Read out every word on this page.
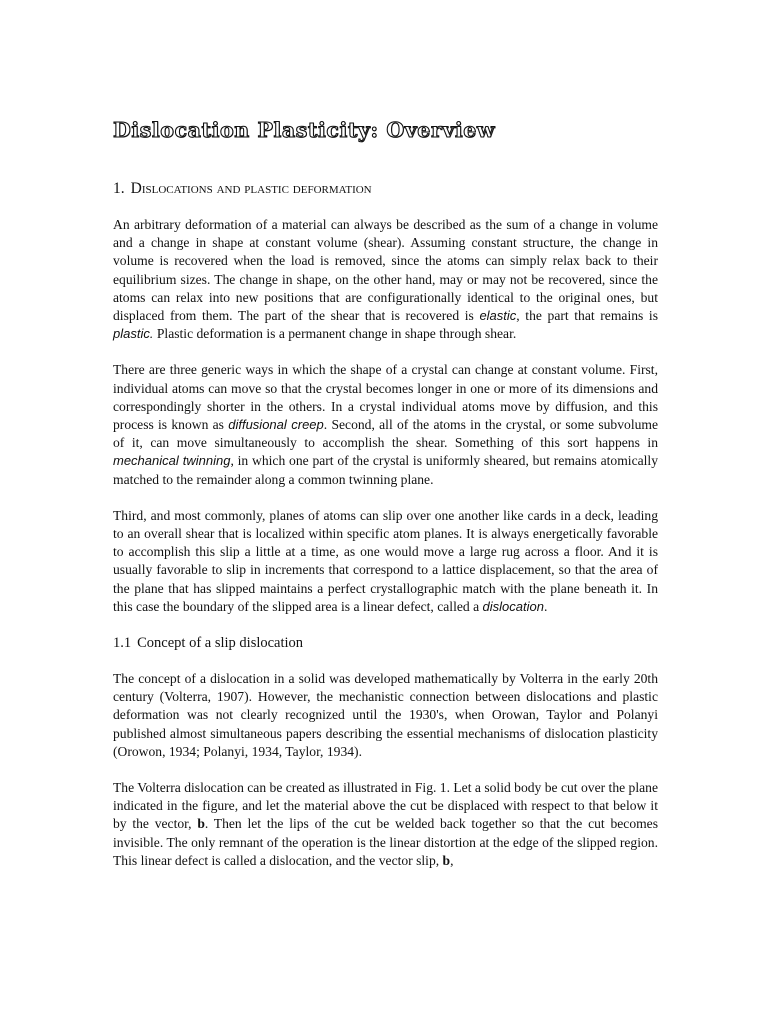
Dislocation Plasticity: Overview
1. Dislocations and plastic deformation

An arbitrary deformation of a material can always be described as the sum of a change in volume and a change in shape at constant volume (shear). Assuming constant structure, the change in volume is recovered when the load is removed, since the atoms can simply relax back to their equilibrium sizes. The change in shape, on the other hand, may or may not be recovered, since the atoms can relax into new positions that are configurationally identical to the original ones, but displaced from them. The part of the shear that is recovered is elastic, the part that remains is plastic. Plastic deformation is a permanent change in shape through shear.

There are three generic ways in which the shape of a crystal can change at constant volume. First, individual atoms can move so that the crystal becomes longer in one or more of its dimensions and correspondingly shorter in the others. In a crystal individual atoms move by diffusion, and this process is known as diffusional creep. Second, all of the atoms in the crystal, or some subvolume of it, can move simultaneously to accomplish the shear. Something of this sort happens in mechanical twinning, in which one part of the crystal is uniformly sheared, but remains atomically matched to the remainder along a common twinning plane.

Third, and most commonly, planes of atoms can slip over one another like cards in a deck, leading to an overall shear that is localized within specific atom planes. It is always energetically favorable to accomplish this slip a little at a time, as one would move a large rug across a floor. And it is usually favorable to slip in increments that correspond to a lattice displacement, so that the area of the plane that has slipped maintains a perfect crystallographic match with the plane beneath it. In this case the boundary of the slipped area is a linear defect, called a dislocation.

1.1 Concept of a slip dislocation

The concept of a dislocation in a solid was developed mathematically by Volterra in the early 20th century (Volterra, 1907). However, the mechanistic connection between dislocations and plastic deformation was not clearly recognized until the 1930's, when Orowan, Taylor and Polanyi published almost simultaneous papers describing the essential mechanisms of dislocation plasticity (Orowon, 1934; Polanyi, 1934, Taylor, 1934).

The Volterra dislocation can be created as illustrated in Fig. 1. Let a solid body be cut over the plane indicated in the figure, and let the material above the cut be displaced with respect to that below it by the vector, b. Then let the lips of the cut be welded back together so that the cut becomes invisible. The only remnant of the operation is the linear distortion at the edge of the slipped region. This linear defect is called a dislocation, and the vector slip, b,
